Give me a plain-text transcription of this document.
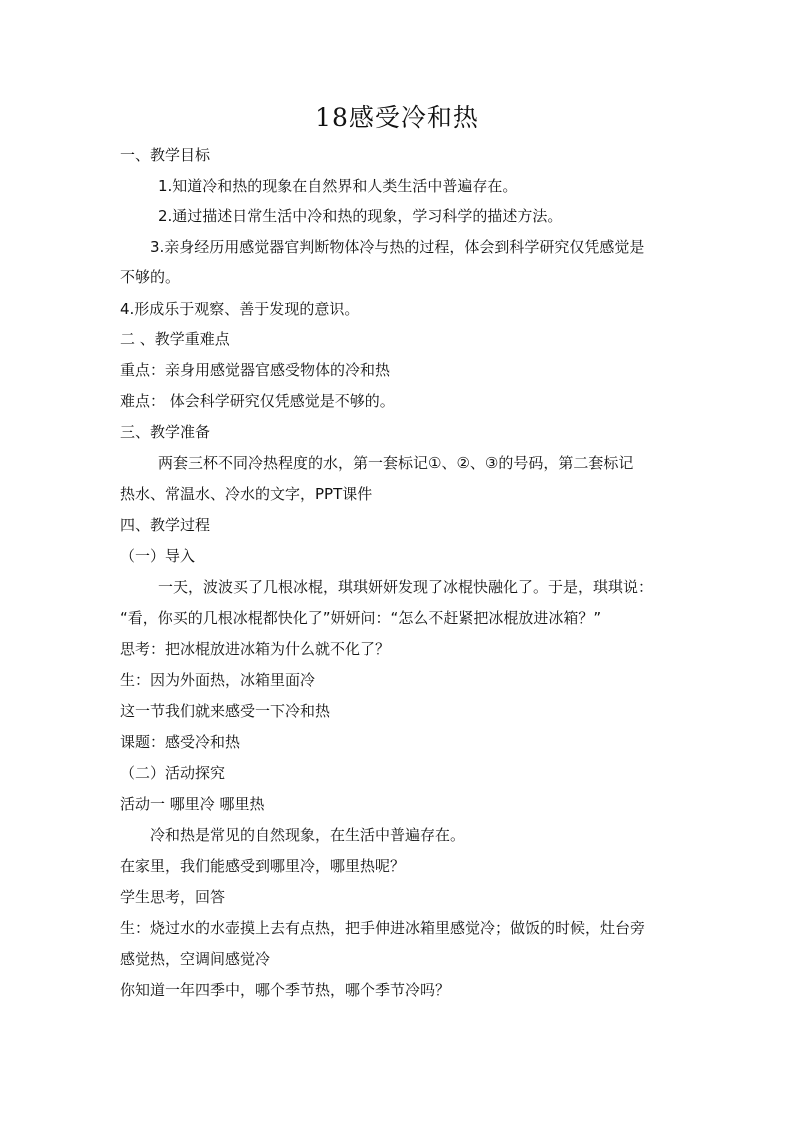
18感受冷和热
一、教学目标
1.知道冷和热的现象在自然界和人类生活中普遍存在。
2.通过描述日常生活中冷和热的现象，学习科学的描述方法。
3.亲身经历用感觉器官判断物体冷与热的过程，体会到科学研究仅凭感觉是
不够的。
4.形成乐于观察、善于发现的意识。
二 、教学重难点
重点：亲身用感觉器官感受物体的冷和热
难点： 体会科学研究仅凭感觉是不够的。
三、教学准备
两套三杯不同冷热程度的水，第一套标记①、②、③的号码，第二套标记
热水、常温水、冷水的文字，PPT课件
四、教学过程
（一）导入
一天，波波买了几根冰棍，琪琪妍妍发现了冰棍快融化了。于是，琪琪说：
“看，你买的几根冰棍都快化了”妍妍问：“怎么不赶紧把冰棍放进冰箱？”
思考：把冰棍放进冰箱为什么就不化了？
生：因为外面热，冰箱里面冷
这一节我们就来感受一下冷和热
课题：感受冷和热
（二）活动探究
活动一 哪里冷 哪里热
冷和热是常见的自然现象，在生活中普遍存在。
在家里，我们能感受到哪里冷，哪里热呢？
学生思考，回答
生：烧过水的水壶摸上去有点热，把手伸进冰箱里感觉冷；做饭的时候，灶台旁
感觉热，空调间感觉冷
你知道一年四季中，哪个季节热，哪个季节冷吗？
